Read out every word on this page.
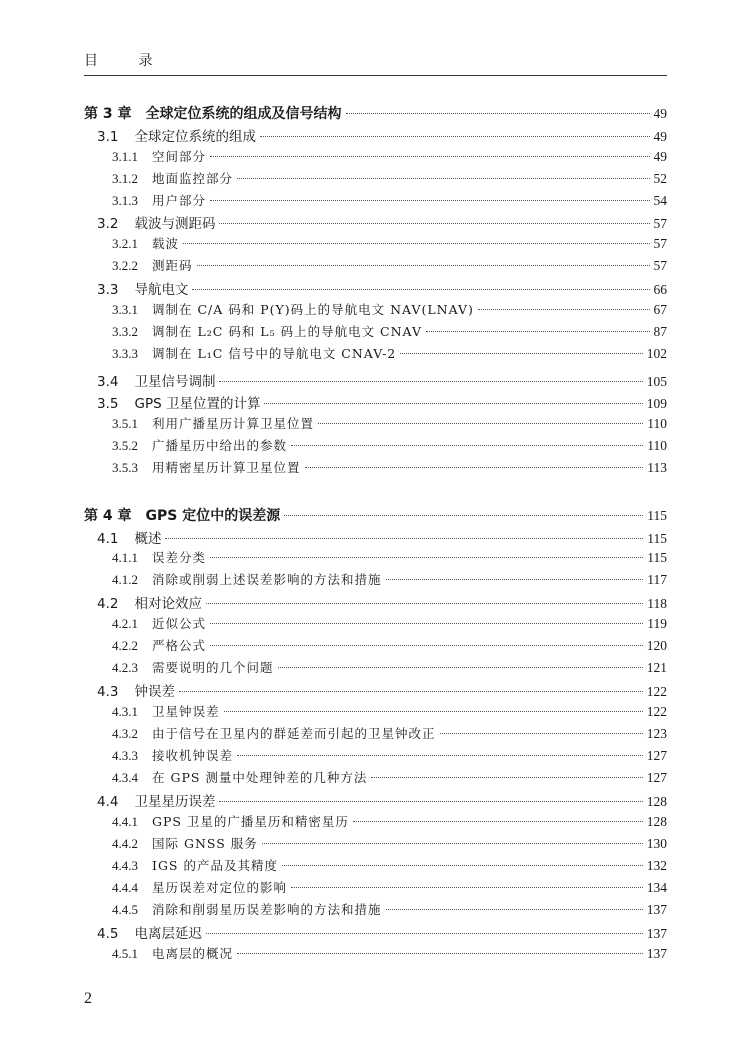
目 录
第 3 章 全球定位系统的组成及信号结构	49
3.1 全球定位系统的组成	49
3.1.1 空间部分	49
3.1.2 地面监控部分	52
3.1.3 用户部分	54
3.2 载波与测距码	57
3.2.1 载波	57
3.2.2 测距码	57
3.3 导航电文	66
3.3.1 调制在 C/A 码和 P(Y)码上的导航电文 NAV(LNAV)	67
3.3.2 调制在 L₂C 码和 L₅ 码上的导航电文 CNAV	87
3.3.3 调制在 L₁C 信号中的导航电文 CNAV-2	102
3.4 卫星信号调制	105
3.5 GPS 卫星位置的计算	109
3.5.1 利用广播星历计算卫星位置	110
3.5.2 广播星历中给出的参数	110
3.5.3 用精密星历计算卫星位置	113
第 4 章 GPS 定位中的误差源	115
4.1 概述	115
4.1.1 误差分类	115
4.1.2 消除或削弱上述误差影响的方法和措施	117
4.2 相对论效应	118
4.2.1 近似公式	119
4.2.2 严格公式	120
4.2.3 需要说明的几个问题	121
4.3 钟误差	122
4.3.1 卫星钟误差	122
4.3.2 由于信号在卫星内的群延差而引起的卫星钟改正	123
4.3.3 接收机钟误差	127
4.3.4 在 GPS 测量中处理钟差的几种方法	127
4.4 卫星星历误差	128
4.4.1 GPS 卫星的广播星历和精密星历	128
4.4.2 国际 GNSS 服务	130
4.4.3 IGS 的产品及其精度	132
4.4.4 星历误差对定位的影响	134
4.4.5 消除和削弱星历误差影响的方法和措施	137
4.5 电离层延迟	137
4.5.1 电离层的概况	137
2
